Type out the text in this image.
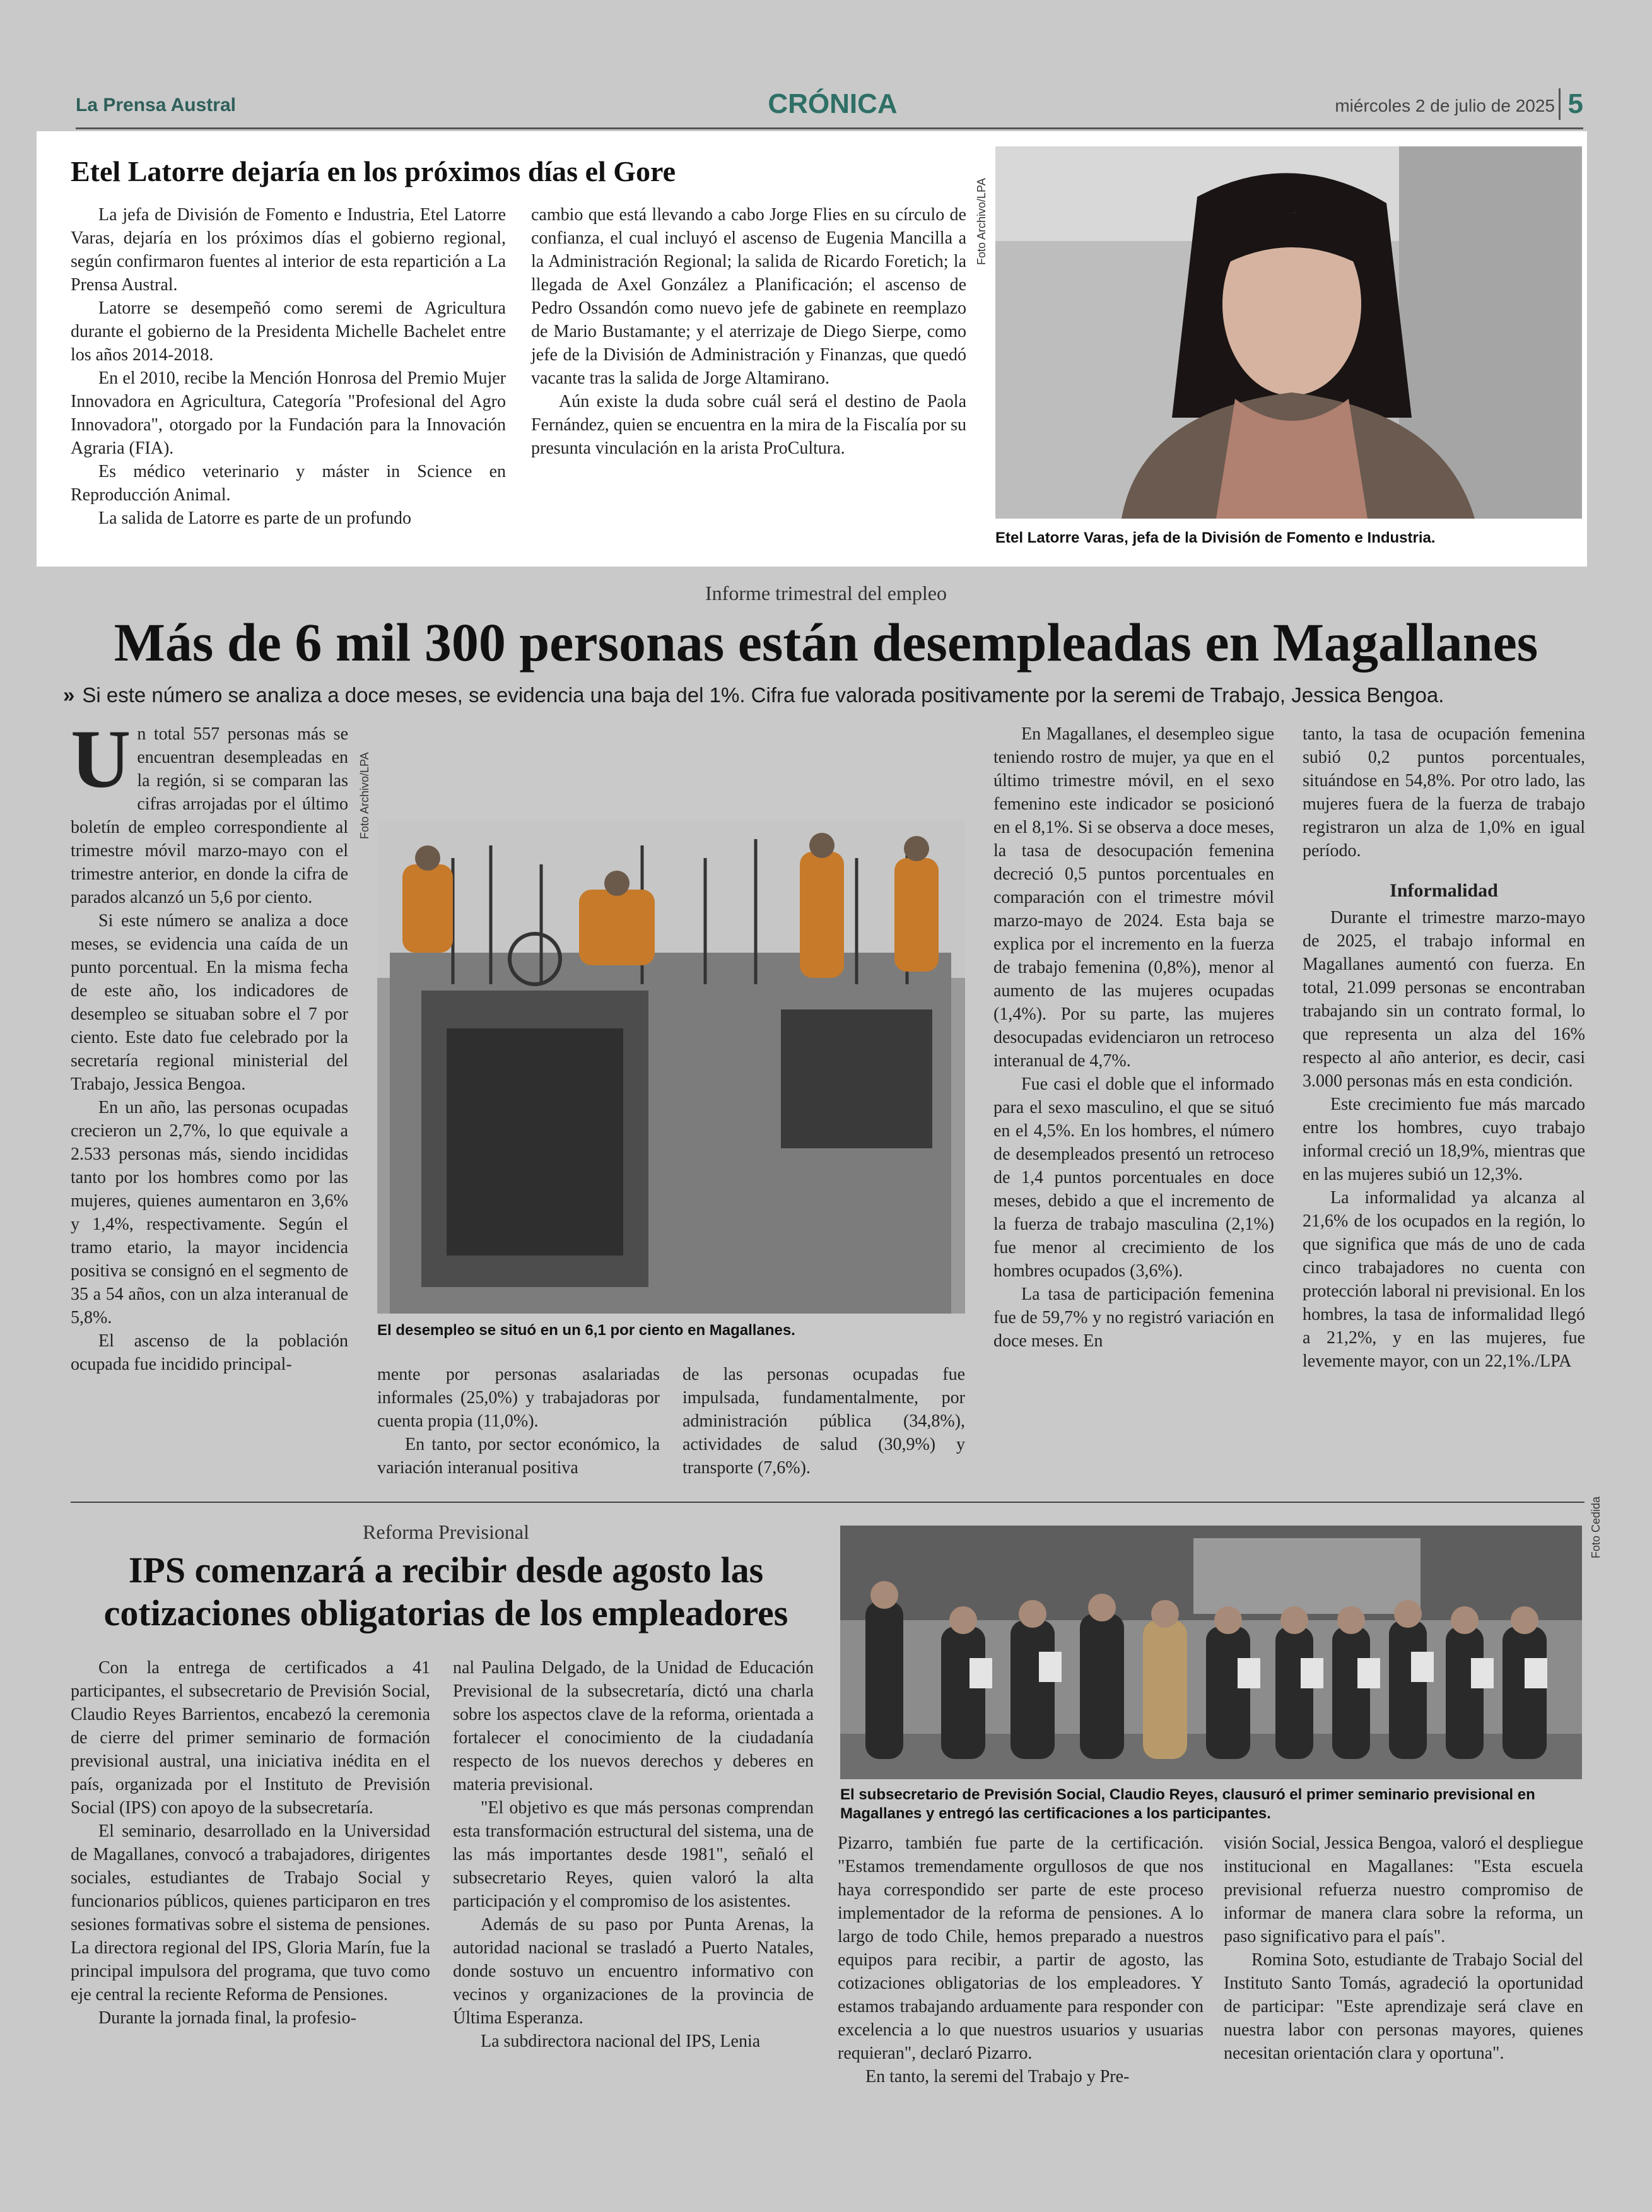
La Prensa Austral	CRÓNICA	miércoles 2 de julio de 2025 5
Etel Latorre dejaría en los próximos días el Gore

La jefa de División de Fomento e Industria, Etel Latorre Varas, dejaría en los próximos días el gobierno regional, según confirmaron fuentes al interior de esta repartición a La Prensa Austral.

Latorre se desempeñó como seremi de Agricultura durante el gobierno de la Presidenta Michelle Bachelet entre los años 2014-2018.

En el 2010, recibe la Mención Honrosa del Premio Mujer Innovadora en Agricultura, Categoría "Profesional del Agro Innovadora", otorgado por la Fundación para la Innovación Agraria (FIA).

Es médico veterinario y máster in Science en Reproducción Animal.

La salida de Latorre es parte de un profundo

cambio que está llevando a cabo Jorge Flies en su círculo de confianza, el cual incluyó el ascenso de Eugenia Mancilla a la Administración Regional; la salida de Ricardo Foretich; la llegada de Axel González a Planificación; el ascenso de Pedro Ossandón como nuevo jefe de gabinete en reemplazo de Mario Bustamante; y el aterrizaje de Diego Sierpe, como jefe de la División de Administración y Finanzas, que quedó vacante tras la salida de Jorge Altamirano.

Aún existe la duda sobre cuál será el destino de Paola Fernández, quien se encuentra en la mira de la Fiscalía por su presunta vinculación en la arista ProCultura.

Foto Archivo/LPA
Etel Latorre Varas, jefa de la División de Fomento e Industria.
Informe trimestral del empleo
Más de 6 mil 300 personas están desempleadas en Magallanes
» Si este número se analiza a doce meses, se evidencia una baja del 1%. Cifra fue valorada positivamente por la seremi de Trabajo, Jessica Bengoa.

Un total 557 personas más se encuentran desempleadas en la región, si se comparan las cifras arrojadas por el último boletín de empleo correspondiente al trimestre móvil marzo-mayo con el trimestre anterior, en donde la cifra de parados alcanzó un 5,6 por ciento.

Si este número se analiza a doce meses, se evidencia una caída de un punto porcentual. En la misma fecha de este año, los indicadores de desempleo se situaban sobre el 7 por ciento. Este dato fue celebrado por la secretaría regional ministerial del Trabajo, Jessica Bengoa.

En un año, las personas ocupadas crecieron un 2,7%, lo que equivale a 2.533 personas más, siendo incididas tanto por los hombres como por las mujeres, quienes aumentaron en 3,6% y 1,4%, respectivamente. Según el tramo etario, la mayor incidencia positiva se consignó en el segmento de 35 a 54 años, con un alza interanual de 5,8%.

El ascenso de la población ocupada fue incidido principal-

Foto Archivo/LPA
El desempleo se situó en un 6,1 por ciento en Magallanes.

mente por personas asalariadas informales (25,0%) y trabajadoras por cuenta propia (11,0%).

En tanto, por sector económico, la variación interanual positiva

de las personas ocupadas fue impulsada, fundamentalmente, por administración pública (34,8%), actividades de salud (30,9%) y transporte (7,6%).

En Magallanes, el desempleo sigue teniendo rostro de mujer, ya que en el último trimestre móvil, en el sexo femenino este indicador se posicionó en el 8,1%. Si se observa a doce meses, la tasa de desocupación femenina decreció 0,5 puntos porcentuales en comparación con el trimestre móvil marzo-mayo de 2024. Esta baja se explica por el incremento en la fuerza de trabajo femenina (0,8%), menor al aumento de las mujeres ocupadas (1,4%). Por su parte, las mujeres desocupadas evidenciaron un retroceso interanual de 4,7%.

Fue casi el doble que el informado para el sexo masculino, el que se situó en el 4,5%. En los hombres, el número de desempleados presentó un retroceso de 1,4 puntos porcentuales en doce meses, debido a que el incremento de la fuerza de trabajo masculina (2,1%) fue menor al crecimiento de los hombres ocupados (3,6%).

La tasa de participación femenina fue de 59,7% y no registró variación en doce meses. En

tanto, la tasa de ocupación femenina subió 0,2 puntos porcentuales, situándose en 54,8%. Por otro lado, las mujeres fuera de la fuerza de trabajo registraron un alza de 1,0% en igual período.

Informalidad

Durante el trimestre marzo-mayo de 2025, el trabajo informal en Magallanes aumentó con fuerza. En total, 21.099 personas se encontraban trabajando sin un contrato formal, lo que representa un alza del 16% respecto al año anterior, es decir, casi 3.000 personas más en esta condición.

Este crecimiento fue más marcado entre los hombres, cuyo trabajo informal creció un 18,9%, mientras que en las mujeres subió un 12,3%.

La informalidad ya alcanza al 21,6% de los ocupados en la región, lo que significa que más de uno de cada cinco trabajadores no cuenta con protección laboral ni previsional. En los hombres, la tasa de informalidad llegó a 21,2%, y en las mujeres, fue levemente mayor, con un 22,1%./LPA

Reforma Previsional
IPS comenzará a recibir desde agosto las cotizaciones obligatorias de los empleadores

Con la entrega de certificados a 41 participantes, el subsecretario de Previsión Social, Claudio Reyes Barrientos, encabezó la ceremonia de cierre del primer seminario de formación previsional austral, una iniciativa inédita en el país, organizada por el Instituto de Previsión Social (IPS) con apoyo de la subsecretaría.

El seminario, desarrollado en la Universidad de Magallanes, convocó a trabajadores, dirigentes sociales, estudiantes de Trabajo Social y funcionarios públicos, quienes participaron en tres sesiones formativas sobre el sistema de pensiones. La directora regional del IPS, Gloria Marín, fue la principal impulsora del programa, que tuvo como eje central la reciente Reforma de Pensiones.

Durante la jornada final, la profesio-

nal Paulina Delgado, de la Unidad de Educación Previsional de la subsecretaría, dictó una charla sobre los aspectos clave de la reforma, orientada a fortalecer el conocimiento de la ciudadanía respecto de los nuevos derechos y deberes en materia previsional.

"El objetivo es que más personas comprendan esta transformación estructural del sistema, una de las más importantes desde 1981", señaló el subsecretario Reyes, quien valoró la alta participación y el compromiso de los asistentes.

Además de su paso por Punta Arenas, la autoridad nacional se trasladó a Puerto Natales, donde sostuvo un encuentro informativo con vecinos y organizaciones de la provincia de Última Esperanza.

La subdirectora nacional del IPS, Lenia

Foto Cedida
El subsecretario de Previsión Social, Claudio Reyes, clausuró el primer seminario previsional en Magallanes y entregó las certificaciones a los participantes.

Pizarro, también fue parte de la certificación. "Estamos tremendamente orgullosos de que nos haya correspondido ser parte de este proceso implementador de la reforma de pensiones. A lo largo de todo Chile, hemos preparado a nuestros equipos para recibir, a partir de agosto, las cotizaciones obligatorias de los empleadores. Y estamos trabajando arduamente para responder con excelencia a lo que nuestros usuarios y usuarias requieran", declaró Pizarro.

En tanto, la seremi del Trabajo y Pre-

visión Social, Jessica Bengoa, valoró el despliegue institucional en Magallanes: "Esta escuela previsional refuerza nuestro compromiso de informar de manera clara sobre la reforma, un paso significativo para el país".

Romina Soto, estudiante de Trabajo Social del Instituto Santo Tomás, agradeció la oportunidad de participar: "Este aprendizaje será clave en nuestra labor con personas mayores, quienes necesitan orientación clara y oportuna".
